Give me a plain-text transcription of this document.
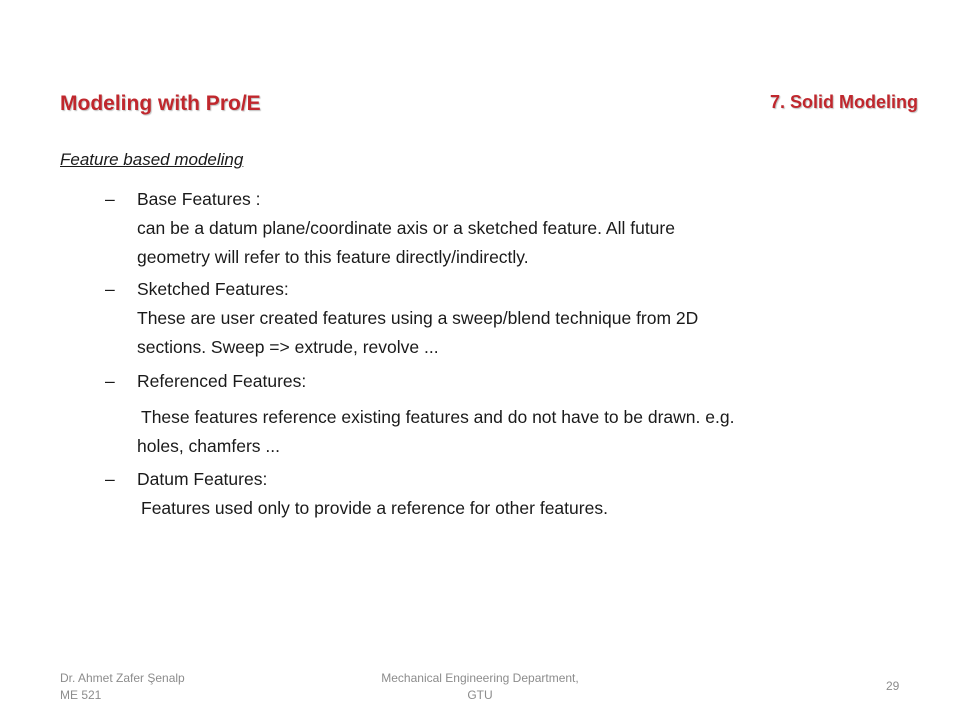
Modeling with Pro/E	7. Solid Modeling
Feature based modeling
–	Base Features :
can be a datum plane/coordinate axis or a sketched feature. All future
geometry will refer to this feature directly/indirectly.
–	Sketched Features:
These are user created features using a sweep/blend technique from 2D
sections. Sweep => extrude, revolve ...
–	Referenced Features:
These features reference existing features and do not have to be drawn. e.g.
holes, chamfers ...
–	Datum Features:
Features used only to provide a reference for other features.
Dr. Ahmet Zafer Şenalp
ME 521
Mechanical Engineering Department,
GTU
29
